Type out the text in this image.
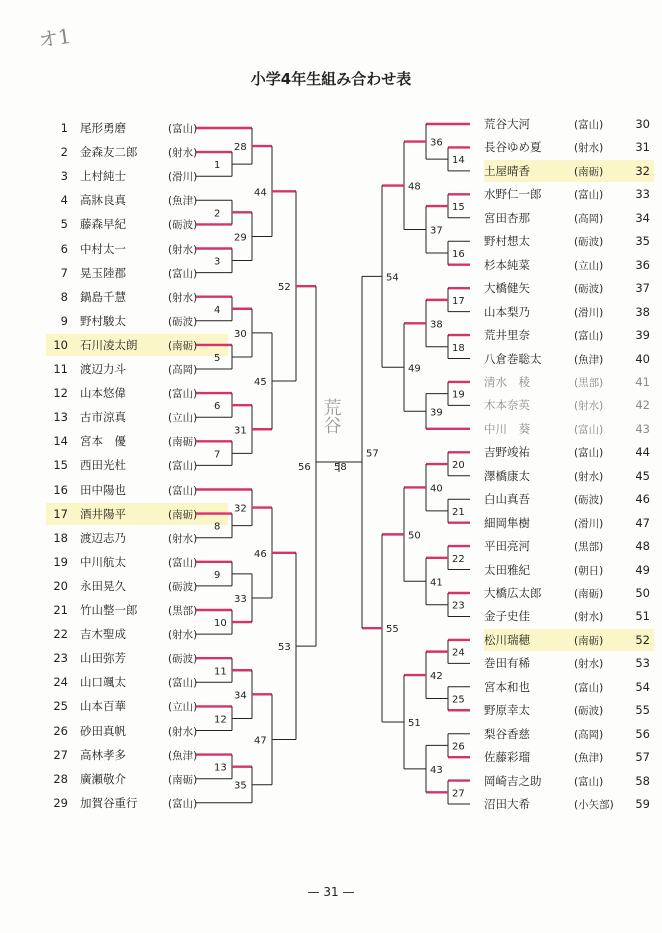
オ1
小学4年生組み合わせ表
1 尾形勇磨	(富山)
2 金森友二郎	(射水)
3 上村純士	(滑川)
4 高牀良真	(魚津)
5 藤森早紀	(砺波)
6 中村太一	(射水)
7 晃玉陸郡	(富山)
8 鍋島千慧	(射水)
9 野村駿太	(砺波)
10 石川凌太朗	(南砺)
11 渡辺力斗	(高岡)
12 山本悠偉	(富山)
13 古市涼真	(立山)
14 宮本　優	(南砺)
15 西田光杜	(富山)
16 田中陽也	(富山)
17 酒井陽平	(南砺)
18 渡辺志乃	(射水)
19 中川航太	(富山)
20 永田晃久	(砺波)
21 竹山整一郎	(黒部)
22 吉木聖成	(射水)
23 山田弥芳	(砺波)
24 山口颯太	(富山)
25 山本百華	(立山)
26 砂田真帆	(射水)
27 高林孝多	(魚津)
28 廣瀬敬介	(南砺)
29 加賀谷重行	(富山)
荒谷大河	(富山)	30
長谷ゆめ夏	(射水)	31
土屋晴香	(南砺)	32
水野仁一郎	(富山)	33
宮田杏那	(高岡)	34
野村想太	(砺波)	35
杉本純菜	(立山)	36
大橋健矢	(砺波)	37
山本梨乃	(滑川)	38
荒井里奈	(富山)	39
八倉巻聡太	(魚津)	40
清水　稜	(黒部)	41
木本奈英	(射水)	42
中川　葵	(富山)	43
吉野竣祐	(富山)	44
澤橋康太	(射水)	45
白山真吾	(砺波)	46
細岡隼樹	(滑川)	47
平田亮河	(黒部)	48
太田雅紀	(朝日)	49
大橋広太郎	(南砺)	50
金子史佳	(射水)	51
松川瑞穂	(南砺)	52
巻田有稀	(射水)	53
宮本和也	(富山)	54
野原幸太	(砺波)	55
梨谷香慈	(高岡)	56
佐藤彩瑠	(魚津)	57
岡崎吉之助	(富山)	58
沼田大希	(小矢部) 59
1
2
3
4
5
6
7
8
9
10
11
12
13
28
29
30
31
32
33
34
35
44
45
46
47
52
53
56
14
15
16
17
18
19
20
21
22
23
24
25
26
27
36
37
38
39
40
41
42
43
48
49
50
51
54
55
57
58
荒谷
— 31 —
